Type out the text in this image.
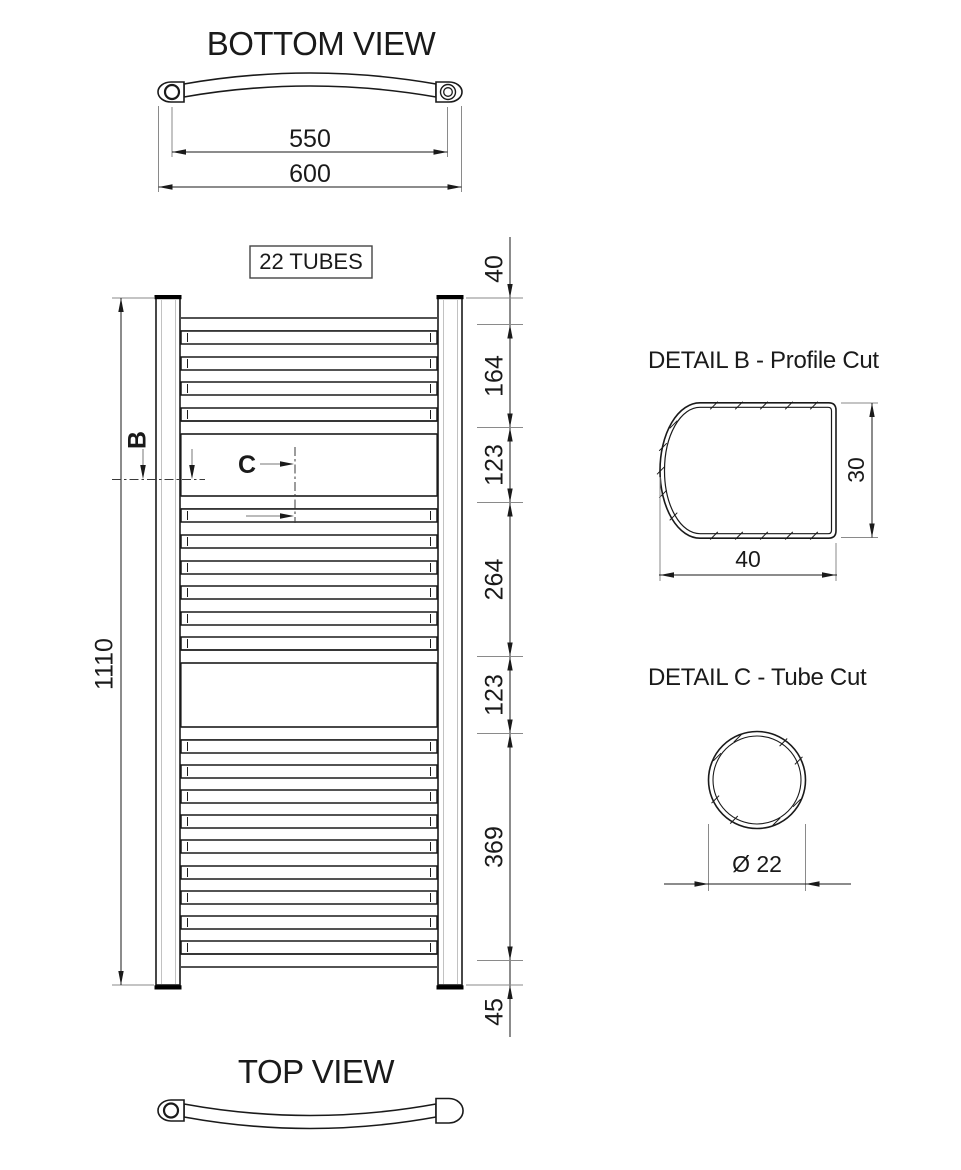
BOTTOM VIEW
550
600
22 TUBES	40
164
123
264
123
369
45
1110
B
C
DETAIL B - Profile Cut
30
40
DETAIL C - Tube Cut
Ø 22
TOP VIEW
